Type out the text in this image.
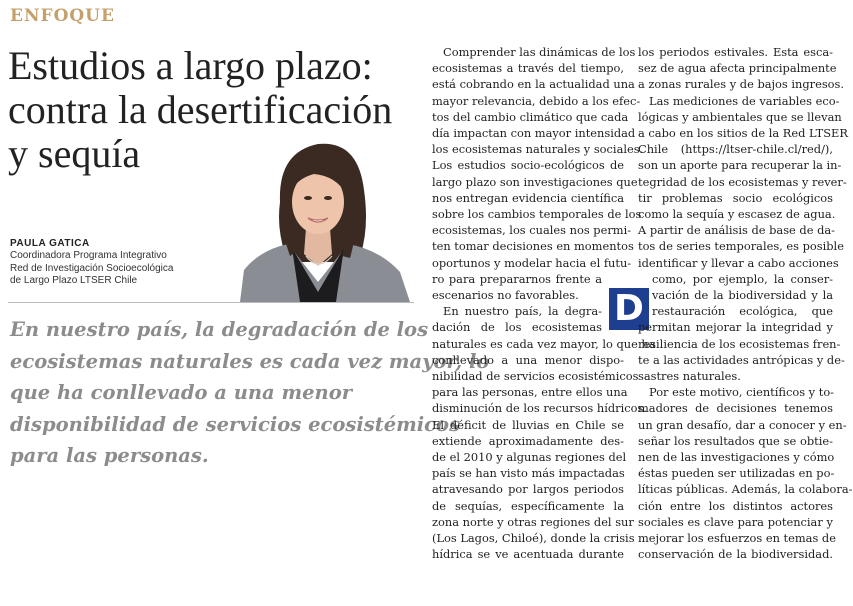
ENFOQUE
Estudios a largo plazo:
contra la desertificación
y sequía
PAULA GATICA
Coordinadora Programa Integrativo
Red de Investigación Socioecológica
de Largo Plazo LTSER Chile
En nuestro país, la degradación de los
ecosistemas naturales es cada vez mayor, lo
que ha conllevado a una menor
disponibilidad de servicios ecosistémicos
para las personas.
D
Comprender las dinámicas de los
ecosistemas a través del tiempo,
está cobrando en la actualidad una
mayor relevancia, debido a los efec-
tos del cambio climático que cada
día impactan con mayor intensidad
los ecosistemas naturales y sociales.
Los estudios socio-ecológicos de
largo plazo son investigaciones que
nos entregan evidencia científica
sobre los cambios temporales de los
ecosistemas, los cuales nos permi-
ten tomar decisiones en momentos
oportunos y modelar hacia el futu-
ro para prepararnos frente a
escenarios no favorables.
En nuestro país, la degra-
dación de los ecosistemas
naturales es cada vez mayor, lo que ha
conllevado a una menor dispo-
nibilidad de servicios ecosistémicos
para las personas, entre ellos una
disminución de los recursos hídricos.
El déficit de lluvias en Chile se
extiende aproximadamente des-
de el 2010 y algunas regiones del
país se han visto más impactadas
atravesando por largos periodos
de sequías, específicamente la
zona norte y otras regiones del sur
(Los Lagos, Chiloé), donde la crisis
hídrica se ve acentuada durante
los periodos estivales. Esta esca-
sez de agua afecta principalmente
a zonas rurales y de bajos ingresos.
Las mediciones de variables eco-
lógicas y ambientales que se llevan
a cabo en los sitios de la Red LTSER
Chile (https://ltser-chile.cl/red/),
son un aporte para recuperar la in-
tegridad de los ecosistemas y rever-
tir problemas socio ecológicos
como la sequía y escasez de agua.
A partir de análisis de base de da-
tos de series temporales, es posible
identificar y llevar a cabo acciones
como, por ejemplo, la conser-
vación de la biodiversidad y la
restauración ecológica, que
permitan mejorar la integridad y
resiliencia de los ecosistemas fren-
te a las actividades antrópicas y de-
sastres naturales.
Por este motivo, científicos y to-
madores de decisiones tenemos
un gran desafío, dar a conocer y en-
señar los resultados que se obtie-
nen de las investigaciones y cómo
éstas pueden ser utilizadas en po-
líticas públicas. Además, la colabora-
ción entre los distintos actores
sociales es clave para potenciar y
mejorar los esfuerzos en temas de
conservación de la biodiversidad.
